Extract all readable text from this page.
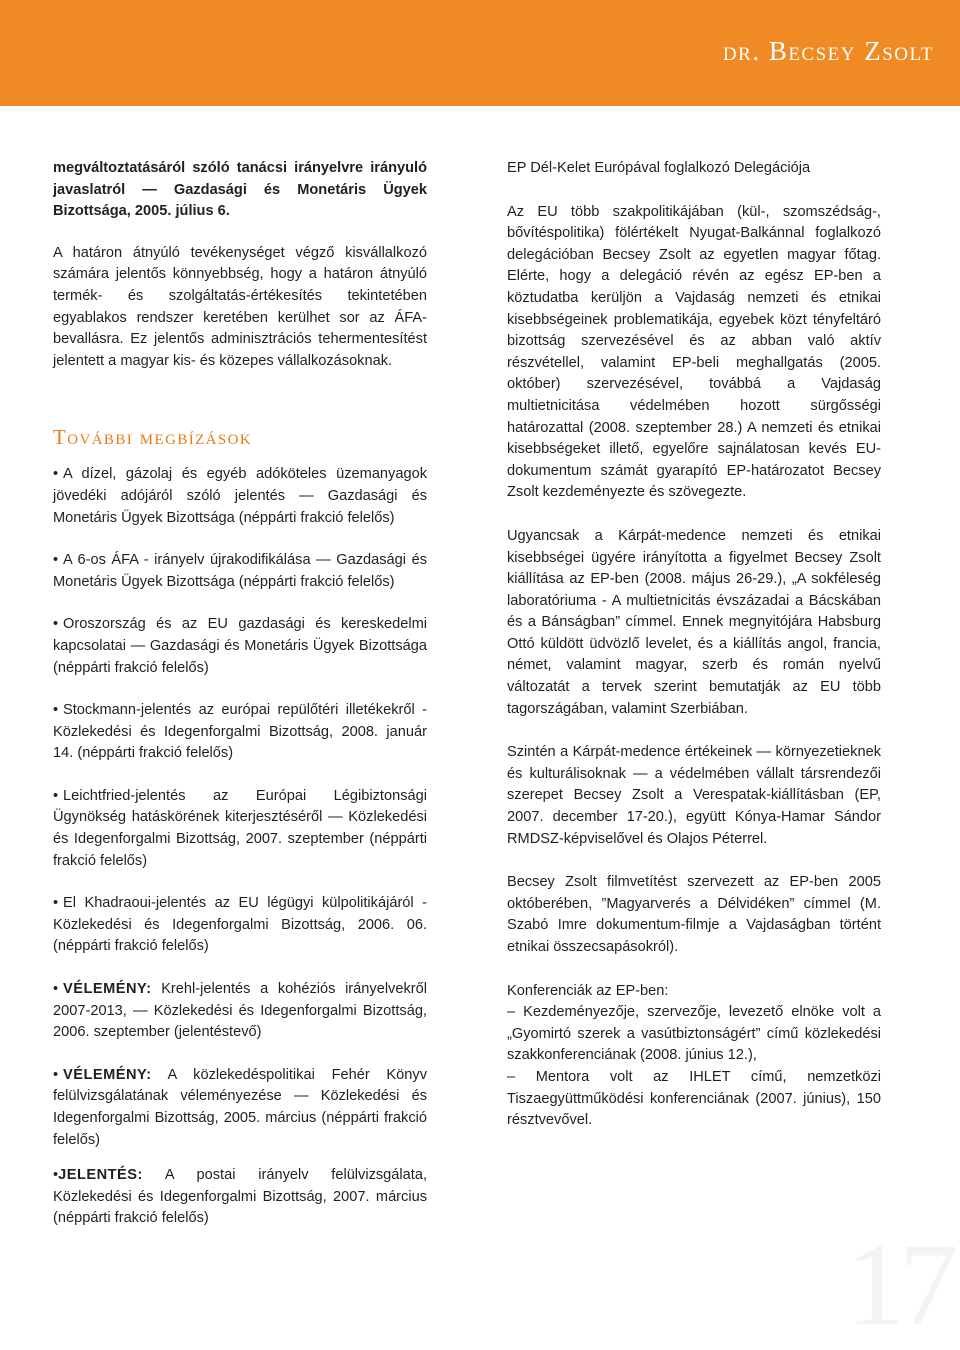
dr. Becsey Zsolt

megváltoztatásáról szóló tanácsi irányelvre irányuló javaslatról — Gazdasági és Monetáris Ügyek Bizottsága, 2005. július 6.

A határon átnyúló tevékenységet végző kisvállalkozó számára jelentős könnyebbség, hogy a határon átnyúló termék- és szolgáltatás-értékesítés tekintetében egyablakos rendszer keretében kerülhet sor az ÁFA-bevallásra. Ez jelentős adminisztrációs tehermentesítést jelentett a magyar kis- és közepes vállalkozásoknak.

További megbízások
• A dízel, gázolaj és egyéb adóköteles üzemanyagok jövedéki adójáról szóló jelentés — Gazdasági és Monetáris Ügyek Bizottsága (néppárti frakció felelős)
• A 6-os ÁFA - irányelv újrakodifikálása — Gazdasági és Monetáris Ügyek Bizottsága (néppárti frakció felelős)
• Oroszország és az EU gazdasági és kereskedelmi kapcsolatai — Gazdasági és Monetáris Ügyek Bizottsága (néppárti frakció felelős)
• Stockmann-jelentés az európai repülőtéri illetékekről - Közlekedési és Idegenforgalmi Bizottság, 2008. január 14. (néppárti frakció felelős)
• Leichtfried-jelentés az Európai Légibiztonsági Ügynökség hatáskörének kiterjesztéséről — Közlekedési és Idegenforgalmi Bizottság, 2007. szeptember (néppárti frakció felelős)
• El Khadraoui-jelentés az EU légügyi külpolitikájáról - Közlekedési és Idegenforgalmi Bizottság, 2006. 06. (néppárti frakció felelős)
• VÉLEMÉNY: Krehl-jelentés a kohéziós irányelvekről 2007-2013, — Közlekedési és Idegenforgalmi Bizottság, 2006. szeptember (jelentéstevő)
• VÉLEMÉNY: A közlekedéspolitikai Fehér Könyv felülvizsgálatának véleményezése — Közlekedési és Idegenforgalmi Bizottság, 2005. március (néppárti frakció felelős)

•JELENTÉS: A postai irányelv felülvizsgálata, Közlekedési és Idegenforgalmi Bizottság, 2007. március (néppárti frakció felelős)

EP Dél-Kelet Európával foglalkozó Delegációja

Az EU több szakpolitikájában (kül-, szomszédság-, bővítéspolitika) fölértékelt Nyugat-Balkánnal foglalkozó delegációban Becsey Zsolt az egyetlen magyar főtag. Elérte, hogy a delegáció révén az egész EP-ben a köztudatba kerüljön a Vajdaság nemzeti és etnikai kisebbségeinek problematikája, egyebek közt tényfeltáró bizottság szervezésével és az abban való aktív részvétellel, valamint EP-beli meghallgatás (2005. október) szervezésével, továbbá a Vajdaság multietnicitása védelmében hozott sürgősségi határozattal (2008. szeptember 28.) A nemzeti és etnikai kisebbségeket illető, egyelőre sajnálatosan kevés EU-dokumentum számát gyarapító EP-határozatot Becsey Zsolt kezdeményezte és szövegezte.

Ugyancsak a Kárpát-medence nemzeti és etnikai kisebbségei ügyére irányította a figyelmet Becsey Zsolt kiállítása az EP-ben (2008. május 26-29.), „A sokféleség laboratóriuma - A multietnicitás évszázadai a Bácskában és a Bánságban” címmel. Ennek megnyitójára Habsburg Ottó küldött üdvözlő levelet, és a kiállítás angol, francia, német, valamint magyar, szerb és román nyelvű változatát a tervek szerint bemutatják az EU több tagországában, valamint Szerbiában.

Szintén a Kárpát-medence értékeinek — környezetieknek és kulturálisoknak — a védelmében vállalt társrendezői szerepet Becsey Zsolt a Verespatak-kiállításban (EP, 2007. december 17-20.), együtt Kónya-Hamar Sándor RMDSZ-képviselővel és Olajos Péterrel.

Becsey Zsolt filmvetítést szervezett az EP-ben 2005 októberében, ”Magyarverés a Délvidéken” címmel (M. Szabó Imre dokumentum-filmje a Vajdaságban történt etnikai összecsapásokról).

Konferenciák az EP-ben:

– Kezdeményezője, szervezője, levezető elnöke volt a „Gyomirtó szerek a vasútbiztonságért” című közlekedési szakkonferenciának (2008. június 12.),

– Mentora volt az IHLET című, nemzetközi Tiszaegyüttműködési konferenciának (2007. június), 150 résztvevővel.

17
